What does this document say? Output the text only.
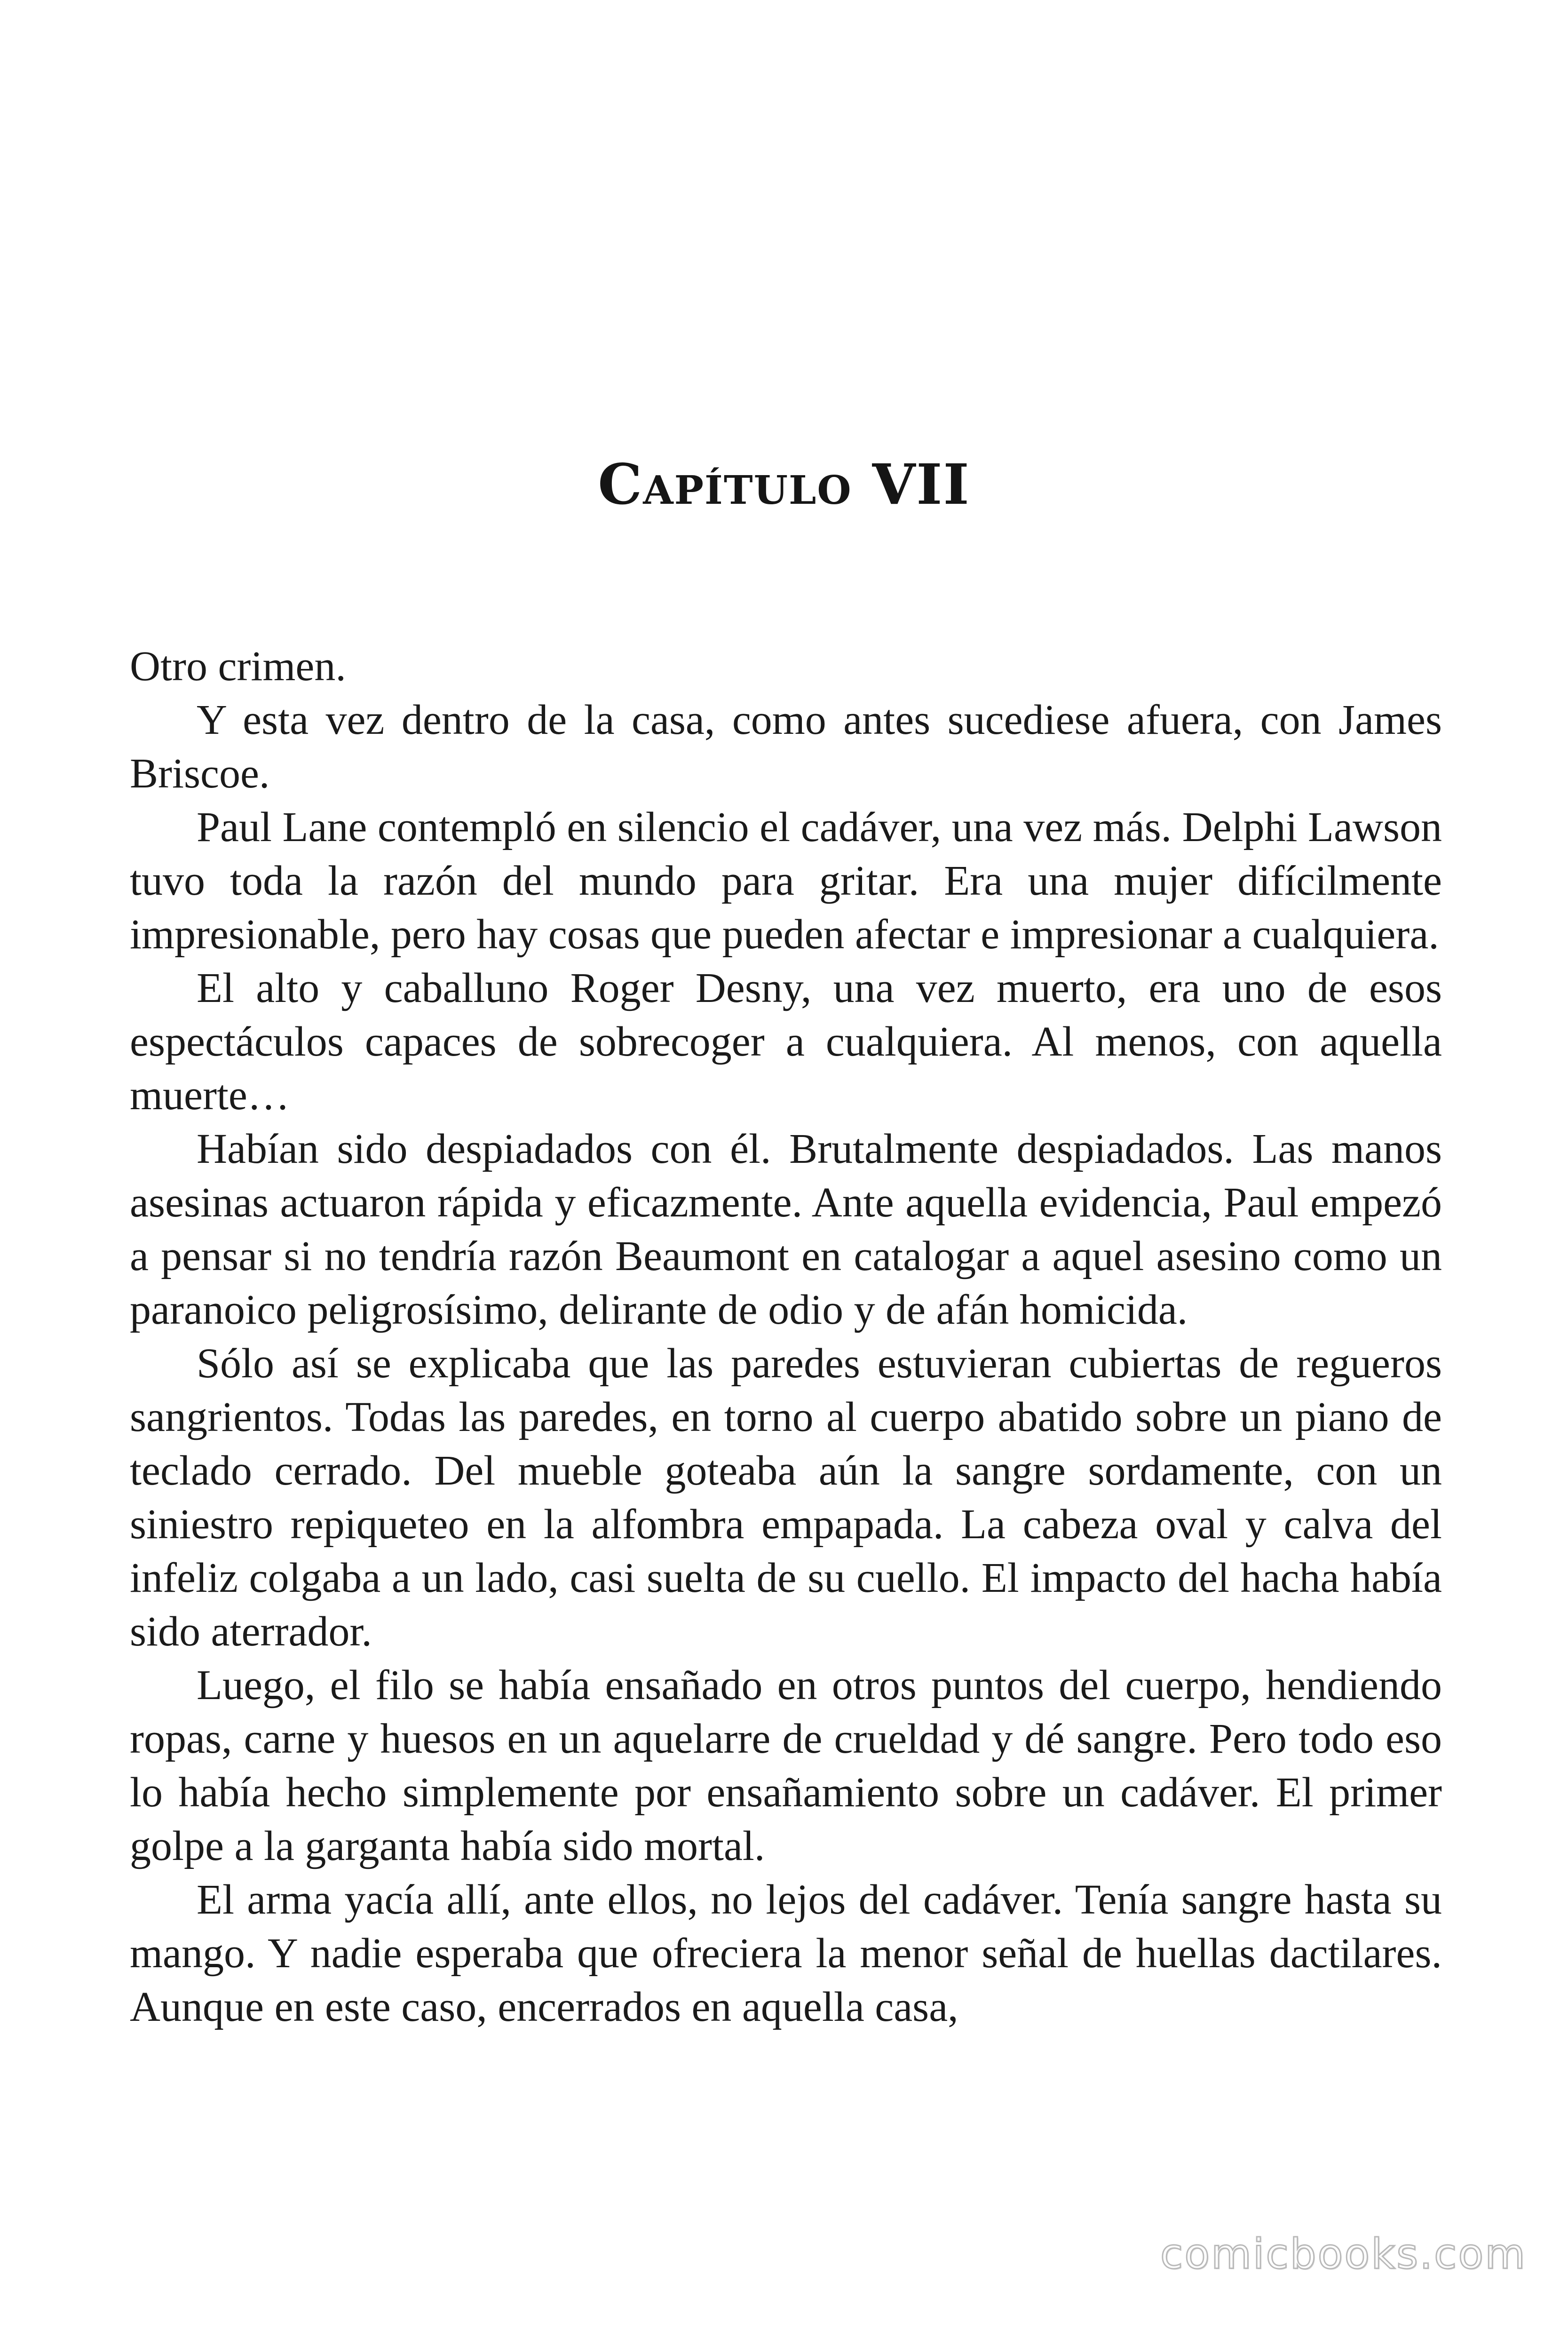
Capítulo VII

Otro crimen.

Y esta vez dentro de la casa, como antes sucediese afuera, con James Briscoe.

Paul Lane contempló en silencio el cadáver, una vez más. Delphi Lawson tuvo toda la razón del mundo para gritar. Era una mujer difícilmente impresionable, pero hay cosas que pueden afectar e impresionar a cualquiera.

El alto y caballuno Roger Desny, una vez muerto, era uno de esos espectáculos capaces de sobrecoger a cualquiera. Al menos, con aquella muerte…

Habían sido despiadados con él. Brutalmente despiadados. Las manos asesinas actuaron rápida y eficazmente. Ante aquella evidencia, Paul empezó a pensar si no tendría razón Beaumont en catalogar a aquel asesino como un paranoico peligrosísimo, delirante de odio y de afán homicida.

Sólo así se explicaba que las paredes estuvieran cubiertas de regueros sangrientos. Todas las paredes, en torno al cuerpo abatido sobre un piano de teclado cerrado. Del mueble goteaba aún la sangre sordamente, con un siniestro repiqueteo en la alfombra empapada. La cabeza oval y calva del infeliz colgaba a un lado, casi suelta de su cuello. El impacto del hacha había sido aterrador.

Luego, el filo se había ensañado en otros puntos del cuerpo, hendiendo ropas, carne y huesos en un aquelarre de crueldad y dé sangre. Pero todo eso lo había hecho simplemente por ensañamiento sobre un cadáver. El primer golpe a la garganta había sido mortal.

El arma yacía allí, ante ellos, no lejos del cadáver. Tenía sangre hasta su mango. Y nadie esperaba que ofreciera la menor señal de huellas dactilares. Aunque en este caso, encerrados en aquella casa,

comicbooks.com
